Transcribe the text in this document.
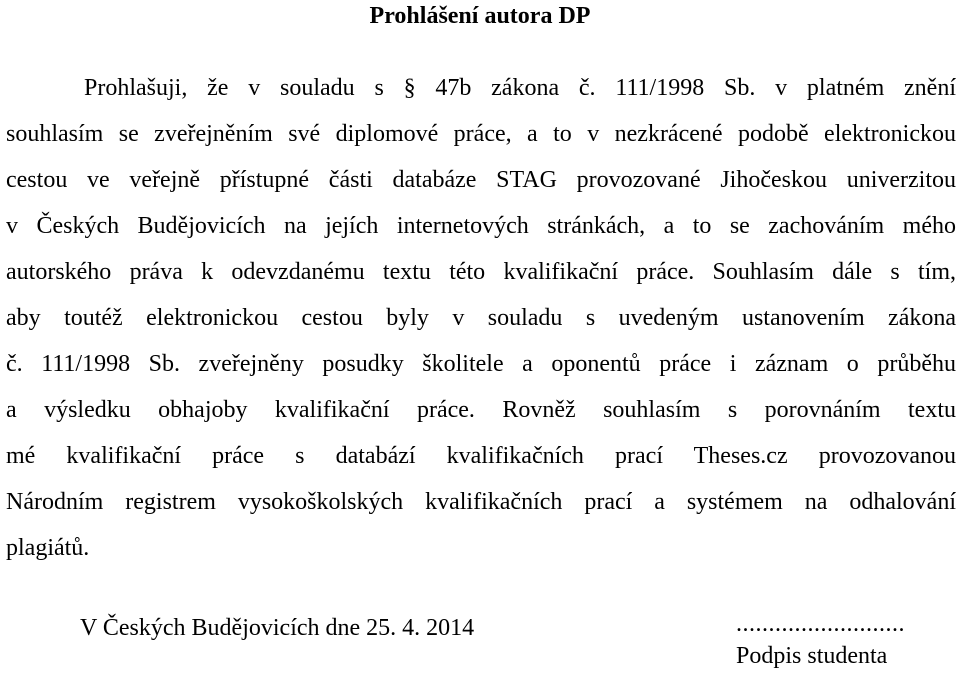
Prohlášení autora DP
Prohlašuji, že v souladu s § 47b zákona č. 111/1998 Sb. v platném znění
souhlasím se zveřejněním své diplomové práce, a to v nezkrácené podobě elektronickou
cestou ve veřejně přístupné části databáze STAG provozované Jihočeskou univerzitou
v Českých Budějovicích na jejích internetových stránkách, a to se zachováním mého
autorského práva k odevzdanému textu této kvalifikační práce. Souhlasím dále s tím,
aby toutéž elektronickou cestou byly v souladu s uvedeným ustanovením zákona
č. 111/1998 Sb. zveřejněny posudky školitele a oponentů práce i záznam o průběhu
a výsledku obhajoby kvalifikační práce. Rovněž souhlasím s porovnáním textu
mé kvalifikační práce s databází kvalifikačních prací Theses.cz provozovanou
Národním registrem vysokoškolských kvalifikačních prací a systémem na odhalování
plagiátů.
V Českých Budějovicích dne 25. 4. 2014	..........................
Podpis studenta
